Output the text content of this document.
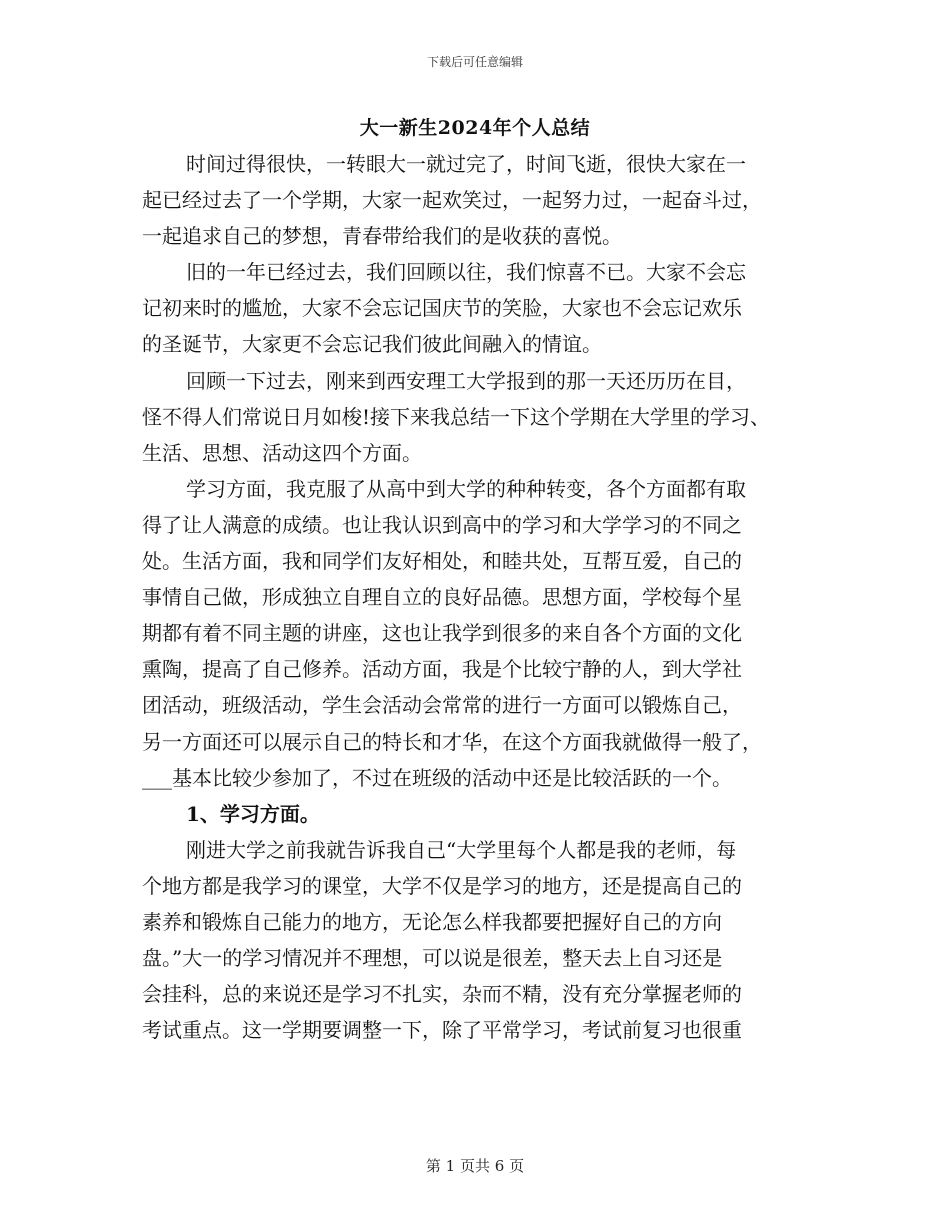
下载后可任意编辑
大一新生2024年个人总结
时间过得很快，一转眼大一就过完了，时间飞逝，很快大家在一
起已经过去了一个学期，大家一起欢笑过，一起努力过，一起奋斗过，
一起追求自己的梦想，青春带给我们的是收获的喜悦。
旧的一年已经过去，我们回顾以往，我们惊喜不已。大家不会忘
记初来时的尴尬，大家不会忘记国庆节的笑脸，大家也不会忘记欢乐
的圣诞节，大家更不会忘记我们彼此间融入的情谊。
回顾一下过去，刚来到西安理工大学报到的那一天还历历在目，
怪不得人们常说日月如梭!接下来我总结一下这个学期在大学里的学习、
生活、思想、活动这四个方面。
学习方面，我克服了从高中到大学的种种转变，各个方面都有取
得了让人满意的成绩。也让我认识到高中的学习和大学学习的不同之
处。生活方面，我和同学们友好相处，和睦共处，互帮互爱，自己的
事情自己做，形成独立自理自立的良好品德。思想方面，学校每个星
期都有着不同主题的讲座，这也让我学到很多的来自各个方面的文化
熏陶，提高了自己修养。活动方面，我是个比较宁静的人，到大学社
团活动，班级活动，学生会活动会常常的进行一方面可以锻炼自己，
另一方面还可以展示自己的特长和才华，在这个方面我就做得一般了，
___基本比较少参加了，不过在班级的活动中还是比较活跃的一个。
1、学习方面。
刚进大学之前我就告诉我自己“大学里每个人都是我的老师，每
个地方都是我学习的课堂，大学不仅是学习的地方，还是提高自己的
素养和锻炼自己能力的地方，无论怎么样我都要把握好自己的方向
盘。”大一的学习情况并不理想，可以说是很差，整天去上自习还是
会挂科，总的来说还是学习不扎实，杂而不精，没有充分掌握老师的
考试重点。这一学期要调整一下，除了平常学习，考试前复习也很重
第 1 页共 6 页
